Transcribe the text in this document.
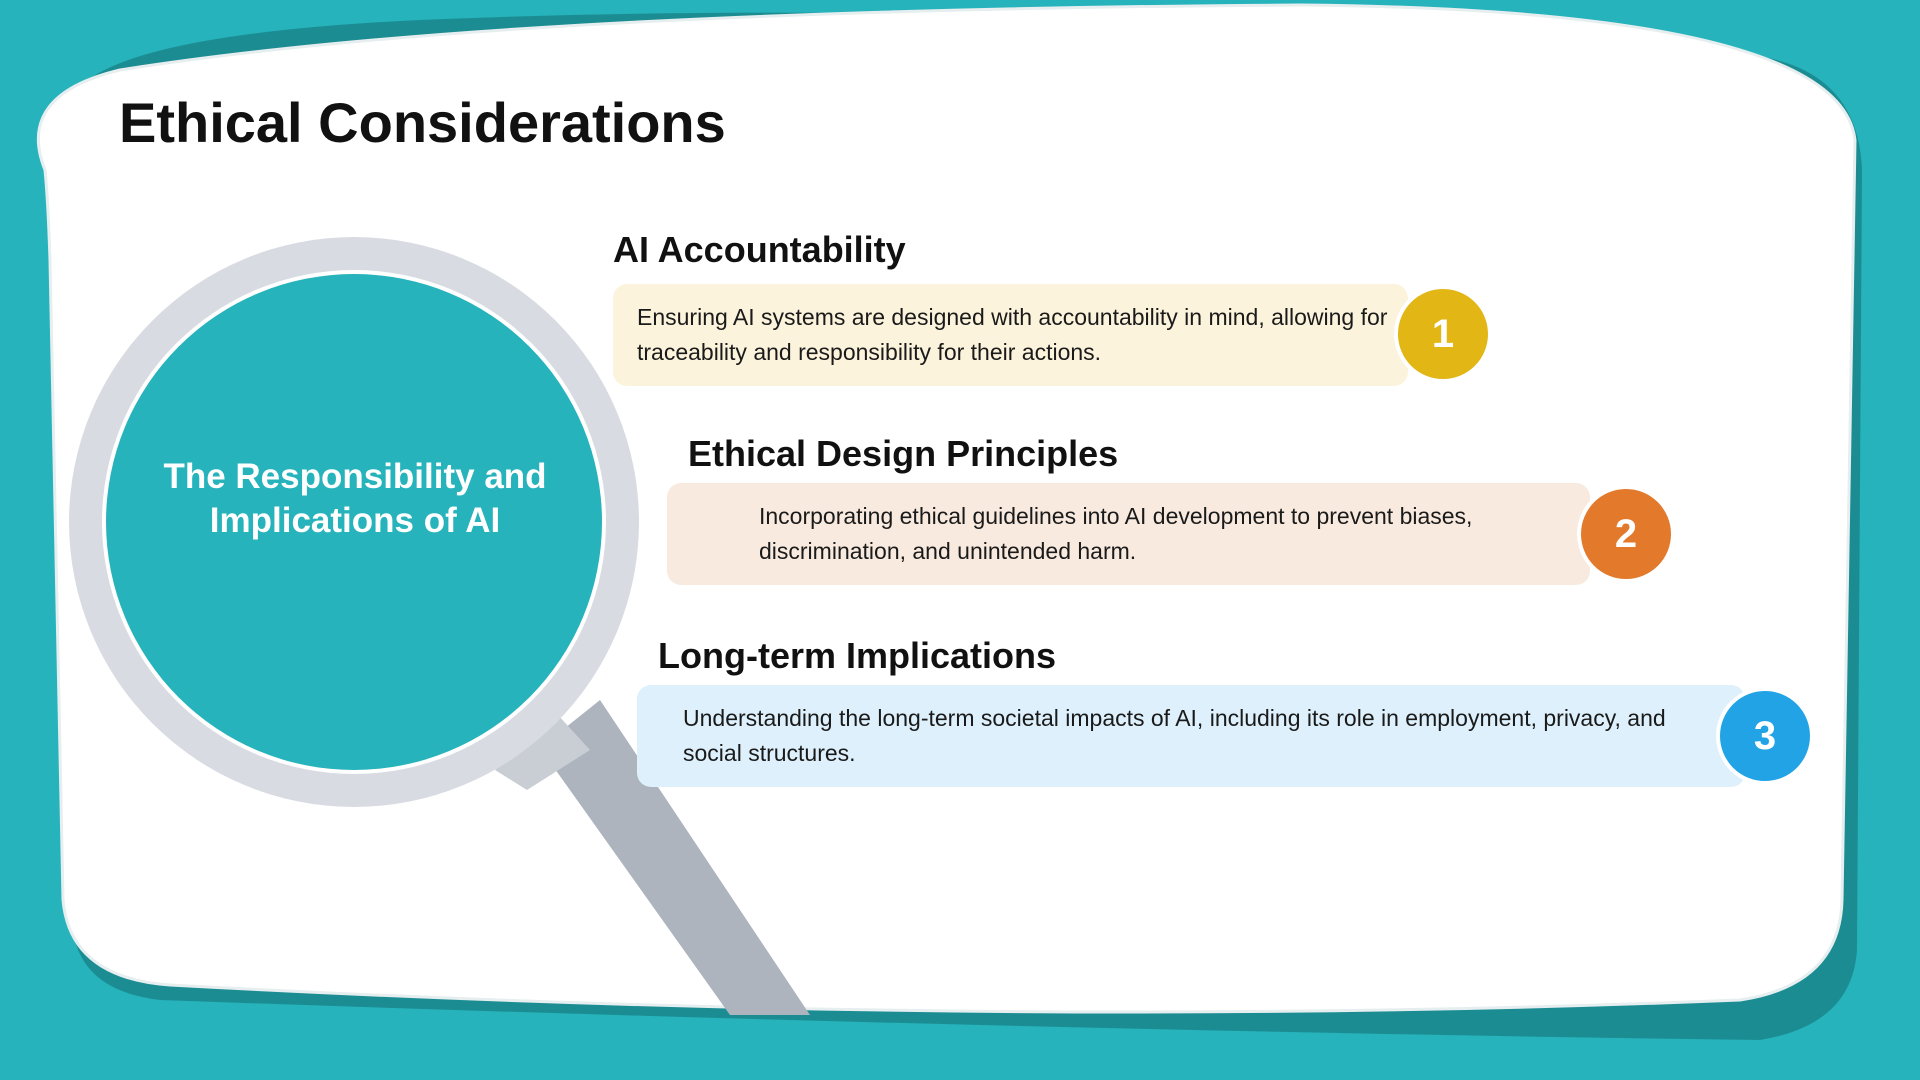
Ethical Considerations
The Responsibility and Implications of AI
AI Accountability
Ensuring AI systems are designed with accountability in mind, allowing for traceability and responsibility for their actions.	1
Ethical Design Principles
Incorporating ethical guidelines into AI development to prevent biases, discrimination, and unintended harm.	2
Long-term Implications
Understanding the long-term societal impacts of AI, including its role in employment, privacy, and social structures.	3
